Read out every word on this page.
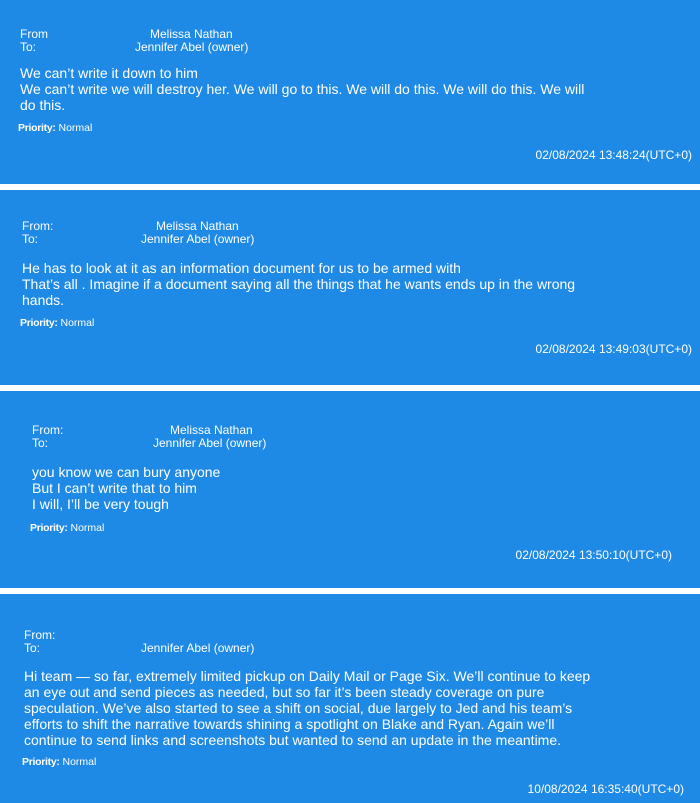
From	Melissa Nathan
To:	Jennifer Abel (owner)
We can’t write it down to him
We can’t write we will destroy her. We will go to this. We will do this. We will do this. We will
do this.
Priority: Normal
02/08/2024 13:48:24(UTC+0)
From:	Melissa Nathan
To:	Jennifer Abel (owner)
He has to look at it as an information document for us to be armed with
That’s all . Imagine if a document saying all the things that he wants ends up in the wrong
hands.
Priority: Normal
02/08/2024 13:49:03(UTC+0)
From:	Melissa Nathan
To:	Jennifer Abel (owner)
you know we can bury anyone
But I can’t write that to him
I will, I’ll be very tough
Priority: Normal
02/08/2024 13:50:10(UTC+0)
From:
To:	Jennifer Abel (owner)
Hi team — so far, extremely limited pickup on Daily Mail or Page Six. We’ll continue to keep
an eye out and send pieces as needed, but so far it’s been steady coverage on pure
speculation. We’ve also started to see a shift on social, due largely to Jed and his team’s
efforts to shift the narrative towards shining a spotlight on Blake and Ryan. Again we’ll
continue to send links and screenshots but wanted to send an update in the meantime.
Priority: Normal
10/08/2024 16:35:40(UTC+0)
